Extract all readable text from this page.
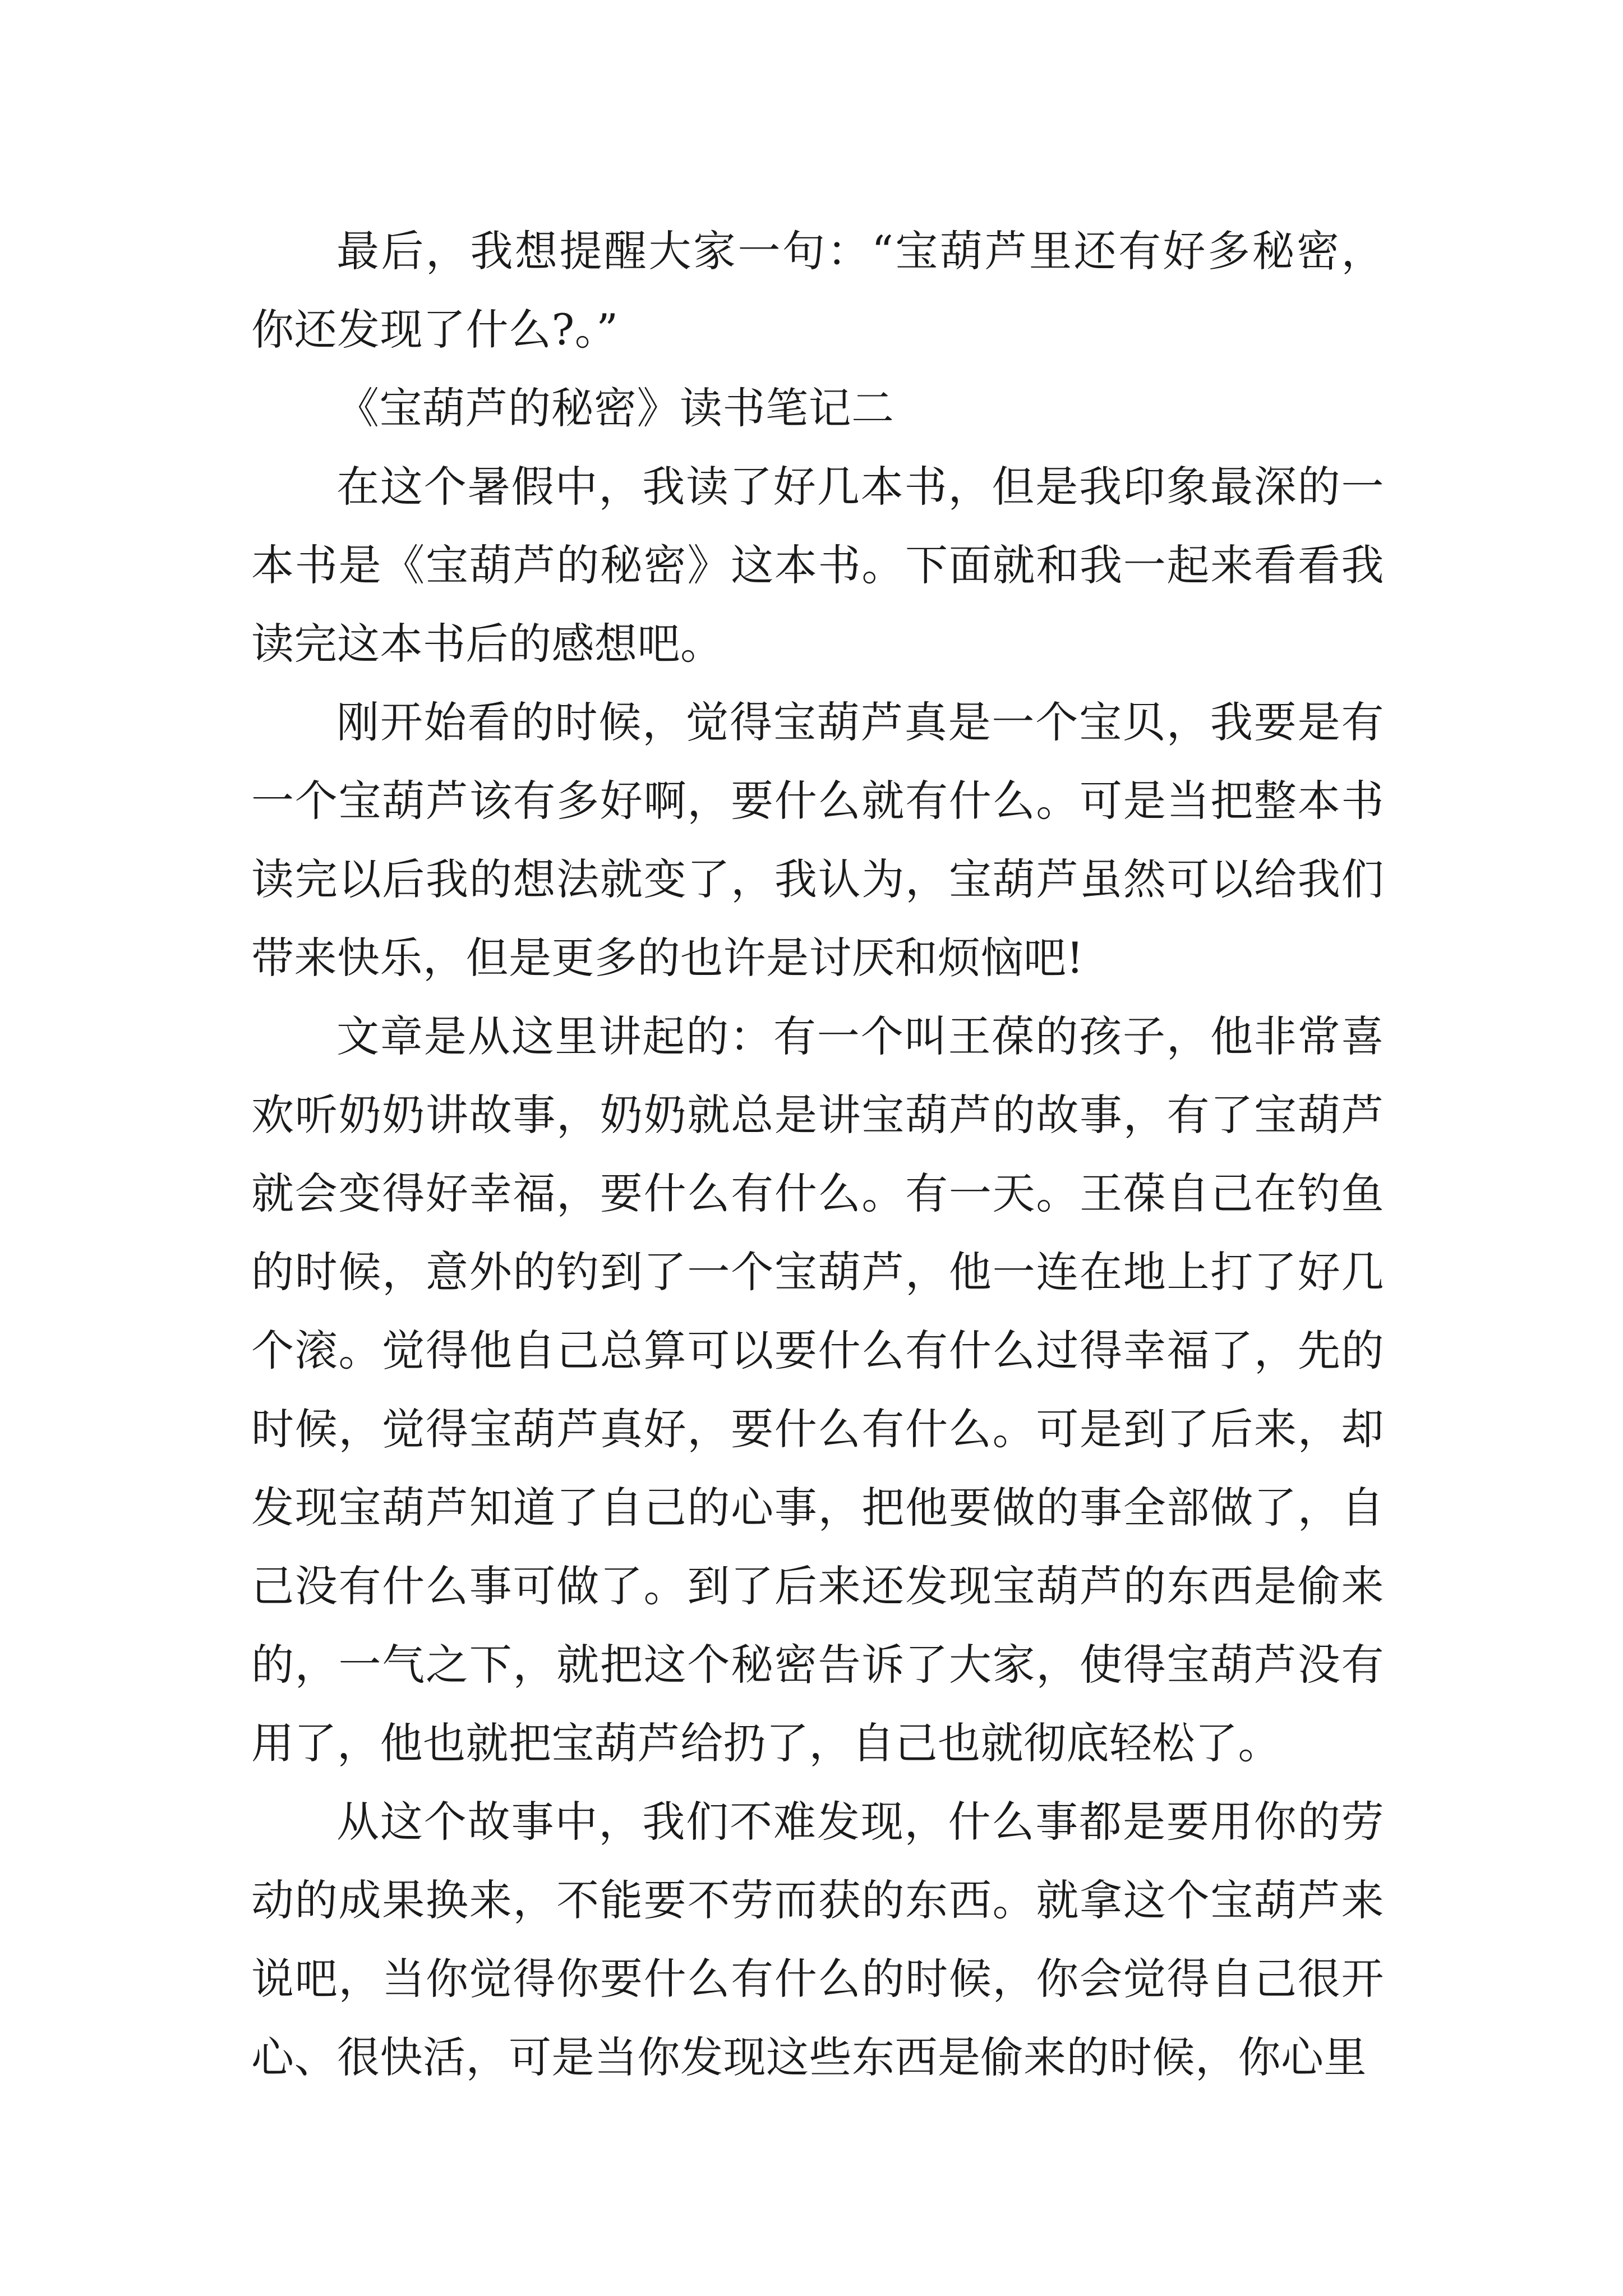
最后，我想提醒大家一句：“宝葫芦里还有好多秘密，你还发现了什么?。”

《宝葫芦的秘密》读书笔记二

在这个暑假中，我读了好几本书，但是我印象最深的一本书是《宝葫芦的秘密》这本书。下面就和我一起来看看我读完这本书后的感想吧。

刚开始看的时候，觉得宝葫芦真是一个宝贝，我要是有一个宝葫芦该有多好啊，要什么就有什么。可是当把整本书读完以后我的想法就变了，我认为，宝葫芦虽然可以给我们带来快乐，但是更多的也许是讨厌和烦恼吧!

文章是从这里讲起的：有一个叫王葆的孩子，他非常喜欢听奶奶讲故事，奶奶就总是讲宝葫芦的故事，有了宝葫芦就会变得好幸福，要什么有什么。有一天。王葆自己在钓鱼的时候，意外的钓到了一个宝葫芦，他一连在地上打了好几个滚。觉得他自己总算可以要什么有什么过得幸福了，先的时候，觉得宝葫芦真好，要什么有什么。可是到了后来，却发现宝葫芦知道了自己的心事，把他要做的事全部做了，自己没有什么事可做了。到了后来还发现宝葫芦的东西是偷来的，一气之下，就把这个秘密告诉了大家，使得宝葫芦没有用了，他也就把宝葫芦给扔了，自己也就彻底轻松了。

从这个故事中，我们不难发现，什么事都是要用你的劳动的成果换来，不能要不劳而获的东西。就拿这个宝葫芦来说吧，当你觉得你要什么有什么的时候，你会觉得自己很开心、很快活，可是当你发现这些东西是偷来的时候，你心里
